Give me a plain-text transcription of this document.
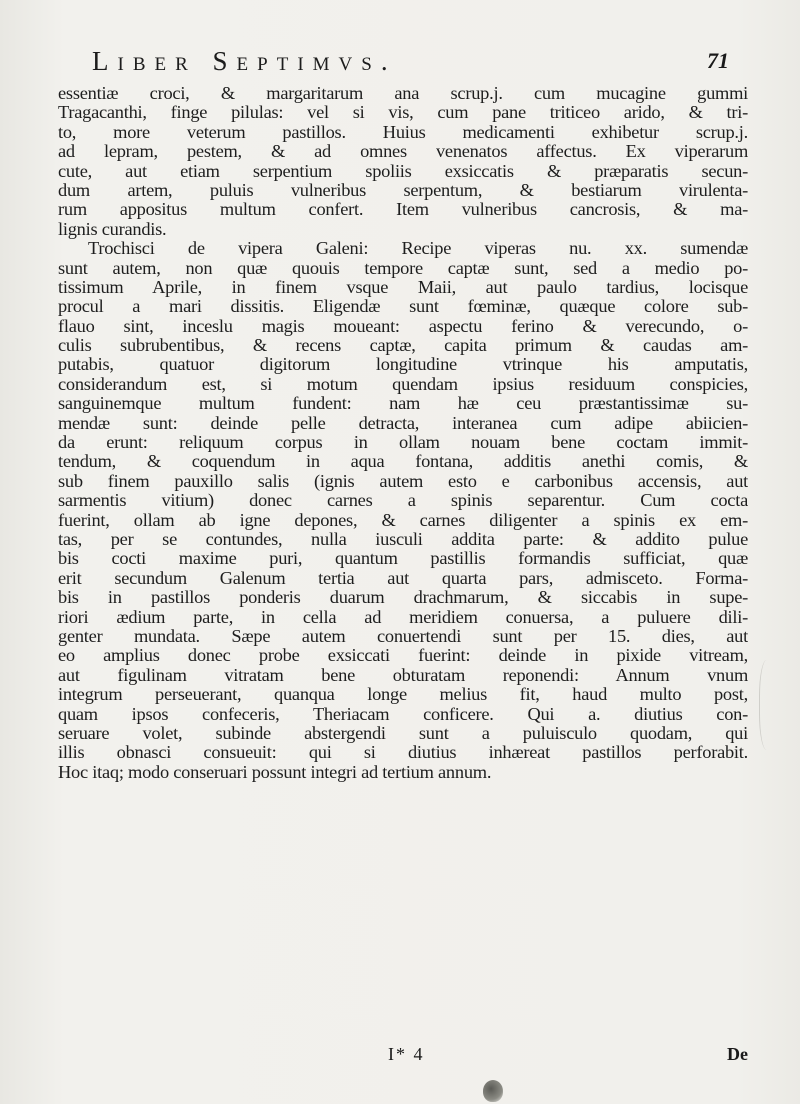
Liber Septimvs.	71
essentiæ croci, & margaritarum ana scrup.j. cum mucagine gummi
Tragacanthi, finge pilulas: vel si vis, cum pane triticeo arido, & tri-
to, more veterum pastillos. Huius medicamenti exhibetur scrup.j.
ad lepram, pestem, & ad omnes venenatos affectus. Ex viperarum
cute, aut etiam serpentium spoliis exsiccatis & præparatis secun-
dum artem, puluis vulneribus serpentum, & bestiarum virulenta-
rum appositus multum confert. Item vulneribus cancrosis, & ma-
lignis curandis.
Trochisci de vipera Galeni: Recipe viperas nu. xx. sumendæ
sunt autem, non quæ quouis tempore captæ sunt, sed a medio po-
tissimum Aprile, in finem vsque Maii, aut paulo tardius, locisque
procul a mari dissitis. Eligendæ sunt fœminæ, quæque colore sub-
flauo sint, inceslu magis moueant: aspectu ferino & verecundo, o-
culis subrubentibus, & recens captæ, capita primum & caudas am-
putabis, quatuor digitorum longitudine vtrinque his amputatis,
considerandum est, si motum quendam ipsius residuum conspicies,
sanguinemque multum fundent: nam hæ ceu præstantissimæ su-
mendæ sunt: deinde pelle detracta, interanea cum adipe abiicien-
da erunt: reliquum corpus in ollam nouam bene coctam immit-
tendum, & coquendum in aqua fontana, additis anethi comis, &
sub finem pauxillo salis (ignis autem esto e carbonibus accensis, aut
sarmentis vitium) donec carnes a spinis separentur. Cum cocta
fuerint, ollam ab igne depones, & carnes diligenter a spinis ex em-
tas, per se contundes, nulla iusculi addita parte: & addito pulue
bis cocti maxime puri, quantum pastillis formandis sufficiat, quæ
erit secundum Galenum tertia aut quarta pars, admisceto. Forma-
bis in pastillos ponderis duarum drachmarum, & siccabis in supe-
riori ædium parte, in cella ad meridiem conuersa, a puluere dili-
genter mundata. Sæpe autem conuertendi sunt per 15. dies, aut
eo amplius donec probe exsiccati fuerint: deinde in pixide vitream,
aut figulinam vitratam bene obturatam reponendi: Annum vnum
integrum perseuerant, quanqua longe melius fit, haud multo post,
quam ipsos confeceris, Theriacam conficere. Qui a. diutius con-
seruare volet, subinde abstergendi sunt a puluisculo quodam, qui
illis obnasci consueuit: qui si diutius inhæreat pastillos perforabit.
Hoc itaq; modo conseruari possunt integri ad tertium annum.
I* 4	De
